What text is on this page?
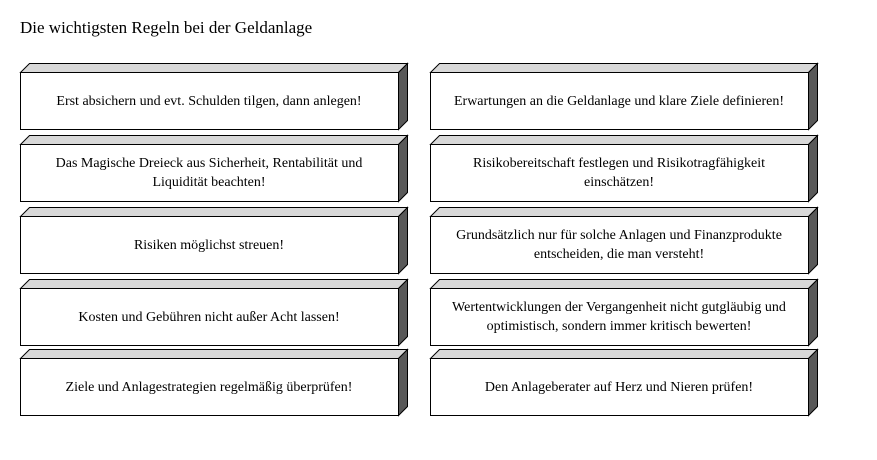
Die wichtigsten Regeln bei der Geldanlage
Erst absichern und evt. Schulden tilgen, dann anlegen!	Erwartungen an die Geldanlage und klare Ziele definieren!
Das Magische Dreieck aus Sicherheit, Rentabilität und Liquidität beachten!
Risikobereitschaft festlegen und Risikotragfähigkeit einschätzen!
Risiken möglichst streuen!
Grundsätzlich nur für solche Anlagen und Finanzprodukte entscheiden, die man versteht!
Kosten und Gebühren nicht außer Acht lassen!
Wertentwicklungen der Vergangenheit nicht gutgläubig und optimistisch, sondern immer kritisch bewerten!
Ziele und Anlagestrategien regelmäßig überprüfen!	Den Anlageberater auf Herz und Nieren prüfen!
